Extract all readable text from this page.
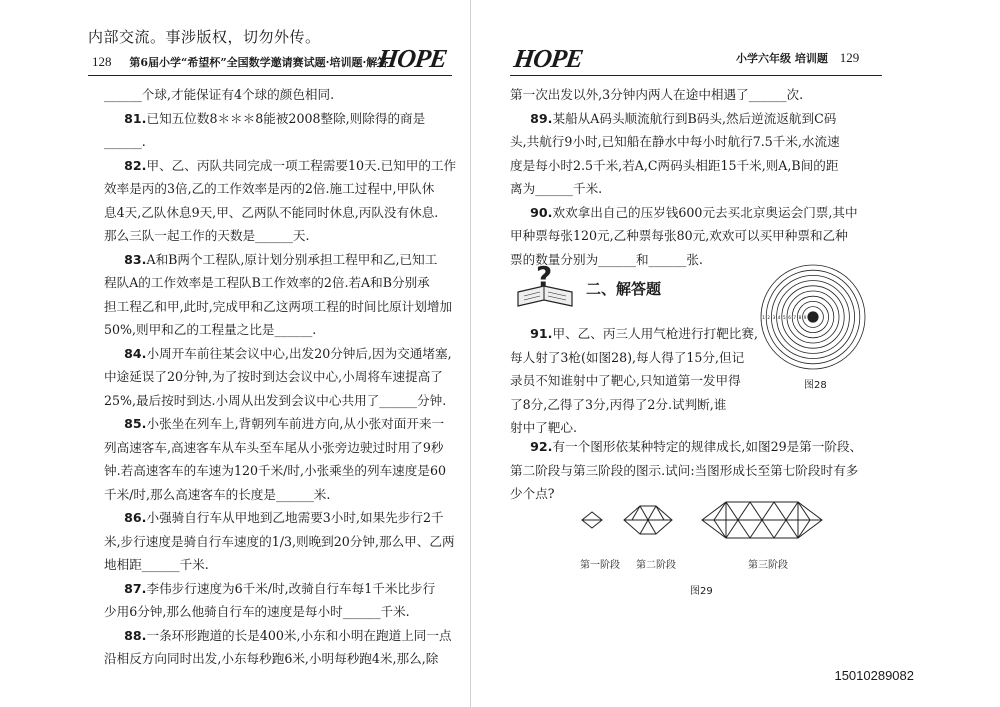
内部交流。事涉版权，切勿外传。
128 第6届小学“希望杯”全国数学邀请赛试题·培训题·解答
HOPE HOPE	小学六年级 培训题 129
______个球,才能保证有4个球的颜色相同.
81.已知五位数8＊＊＊8能被2008整除,则除得的商是
______.
82.甲、乙、丙队共同完成一项工程需要10天.已知甲的工作
效率是丙的3倍,乙的工作效率是丙的2倍.施工过程中,甲队休
息4天,乙队休息9天,甲、乙两队不能同时休息,丙队没有休息.
那么三队一起工作的天数是______天.
83.A和B两个工程队,原计划分别承担工程甲和乙,已知工
程队A的工作效率是工程队B工作效率的2倍.若A和B分别承
担工程乙和甲,此时,完成甲和乙这两项工程的时间比原计划增加
50%,则甲和乙的工程量之比是______.
84.小周开车前往某会议中心,出发20分钟后,因为交通堵塞,
中途延误了20分钟,为了按时到达会议中心,小周将车速提高了
25%,最后按时到达.小周从出发到会议中心共用了______分钟.
85.小张坐在列车上,背朝列车前进方向,从小张对面开来一
列高速客车,高速客车从车头至车尾从小张旁边驶过时用了9秒
钟.若高速客车的车速为120千米/时,小张乘坐的列车速度是60
千米/时,那么高速客车的长度是______米.
86.小强骑自行车从甲地到乙地需要3小时,如果先步行2千
米,步行速度是骑自行车速度的1/3,则晚到20分钟,那么甲、乙两
地相距______千米.
87.李伟步行速度为6千米/时,改骑自行车每1千米比步行
少用6分钟,那么他骑自行车的速度是每小时______千米.
88.一条环形跑道的长是400米,小东和小明在跑道上同一点
沿相反方向同时出发,小东每秒跑6米,小明每秒跑4米,那么,除
第一次出发以外,3分钟内两人在途中相遇了______次.
89.某船从A码头顺流航行到B码头,然后逆流返航到C码
头,共航行9小时,已知船在静水中每小时航行7.5千米,水流速
度是每小时2.5千米,若A,C两码头相距15千米,则A,B间的距
离为______千米.
90.欢欢拿出自己的压岁钱600元去买北京奥运会门票,其中
甲种票每张120元,乙种票每张80元,欢欢可以买甲种票和乙种
票的数量分别为______和______张.
? 二、解答题
91.甲、乙、丙三人用气枪进行打靶比赛,
每人射了3枪(如图28),每人得了15分,但记
录员不知谁射中了靶心,只知道第一发甲得
了8分,乙得了3分,丙得了2分.试判断,谁
射中了靶心.
1 2 3 4 5 6 7 8 9 10
图28
92.有一个图形依某种特定的规律成长,如图29是第一阶段、
第二阶段与第三阶段的图示.试问:当图形成长至第七阶段时有多
少个点?
第一阶段 第二阶段	第三阶段
图29
15010289082
